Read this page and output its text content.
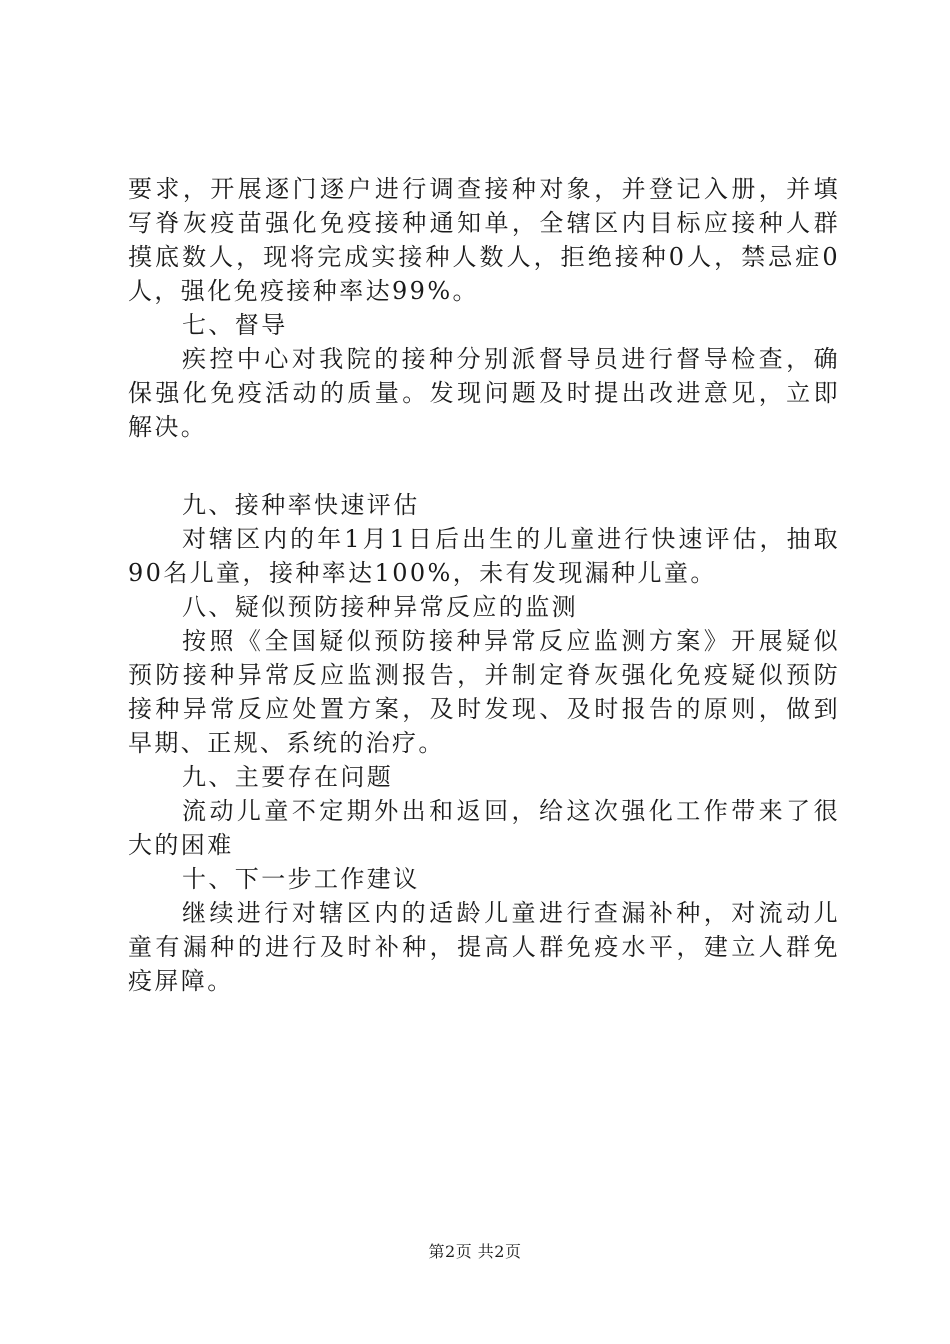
要求，开展逐门逐户进行调查接种对象，并登记入册，并填写脊灰疫苗强化免疫接种通知单，全辖区内目标应接种人群摸底数人，现将完成实接种人数人，拒绝接种0人，禁忌症0人，强化免疫接种率达99%。

七、督导

疾控中心对我院的接种分别派督导员进行督导检查，确保强化免疫活动的质量。发现问题及时提出改进意见，立即解决。

九、接种率快速评估

对辖区内的年1月1日后出生的儿童进行快速评估，抽取90名儿童，接种率达100%，未有发现漏种儿童。

八、疑似预防接种异常反应的监测

按照《全国疑似预防接种异常反应监测方案》开展疑似预防接种异常反应监测报告，并制定脊灰强化免疫疑似预防接种异常反应处置方案，及时发现、及时报告的原则，做到早期、正规、系统的治疗。

九、主要存在问题

流动儿童不定期外出和返回，给这次强化工作带来了很大的困难

十、下一步工作建议

继续进行对辖区内的适龄儿童进行查漏补种，对流动儿童有漏种的进行及时补种，提高人群免疫水平，建立人群免疫屏障。

第2页 共2页
